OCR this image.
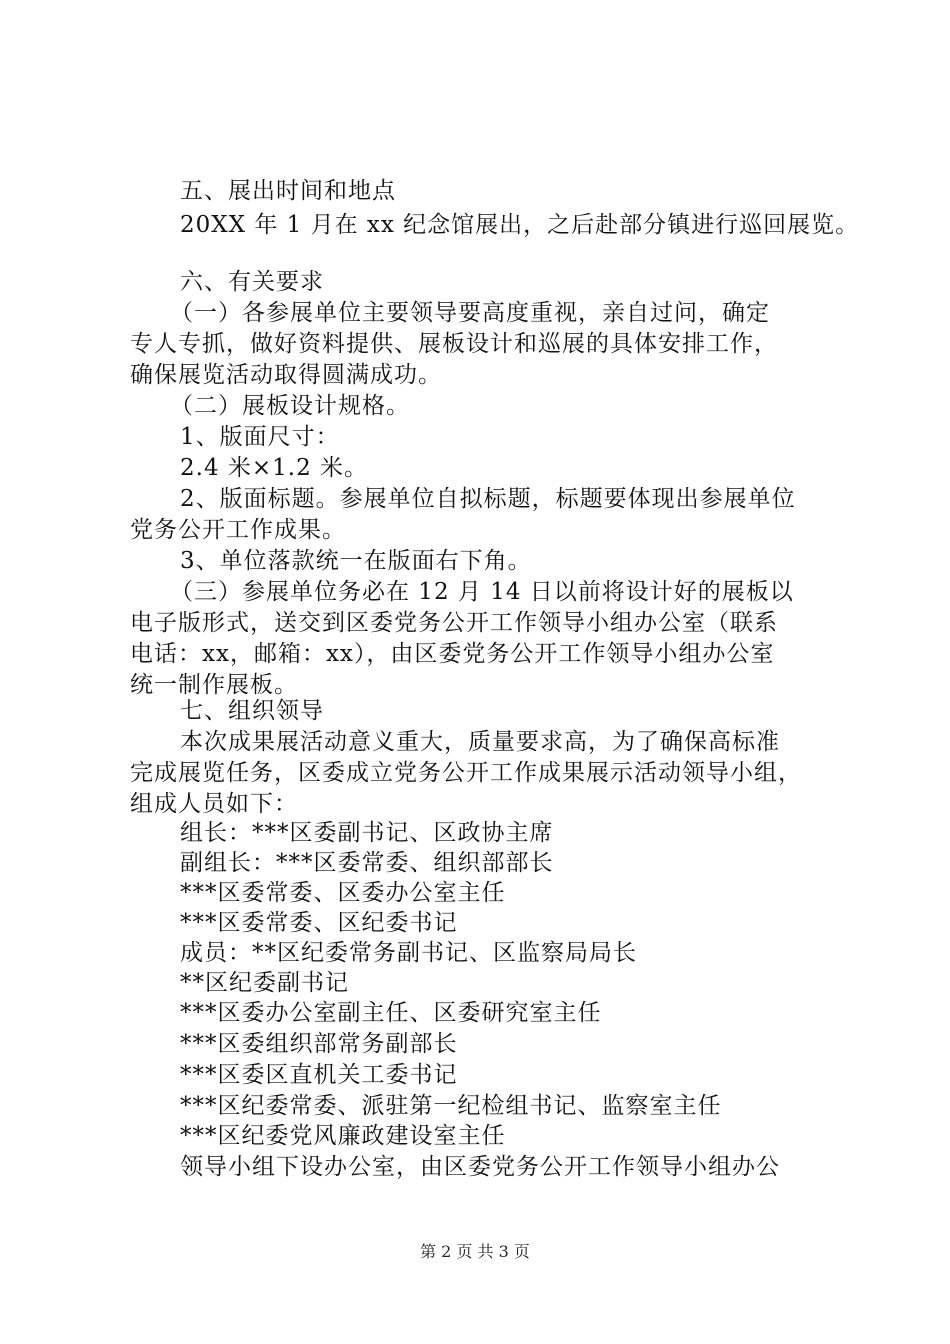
五、展出时间和地点
20XX 年 1 月在 xx 纪念馆展出，之后赴部分镇进行巡回展览。
六、有关要求
（一）各参展单位主要领导要高度重视，亲自过问，确定
专人专抓，做好资料提供、展板设计和巡展的具体安排工作，
确保展览活动取得圆满成功。
（二）展板设计规格。
1、版面尺寸：
2.4 米×1.2 米。
2、版面标题。参展单位自拟标题，标题要体现出参展单位
党务公开工作成果。
3、单位落款统一在版面右下角。
（三）参展单位务必在 12 月 14 日以前将设计好的展板以
电子版形式，送交到区委党务公开工作领导小组办公室（联系
电话：xx，邮箱：xx），由区委党务公开工作领导小组办公室
统一制作展板。
七、组织领导
本次成果展活动意义重大，质量要求高，为了确保高标准
完成展览任务，区委成立党务公开工作成果展示活动领导小组，
组成人员如下：
组长：***区委副书记、区政协主席
副组长：***区委常委、组织部部长
***区委常委、区委办公室主任
***区委常委、区纪委书记
成员：**区纪委常务副书记、区监察局局长
**区纪委副书记
***区委办公室副主任、区委研究室主任
***区委组织部常务副部长
***区委区直机关工委书记
***区纪委常委、派驻第一纪检组书记、监察室主任
***区纪委党风廉政建设室主任
领导小组下设办公室，由区委党务公开工作领导小组办公
第 2 页 共 3 页
